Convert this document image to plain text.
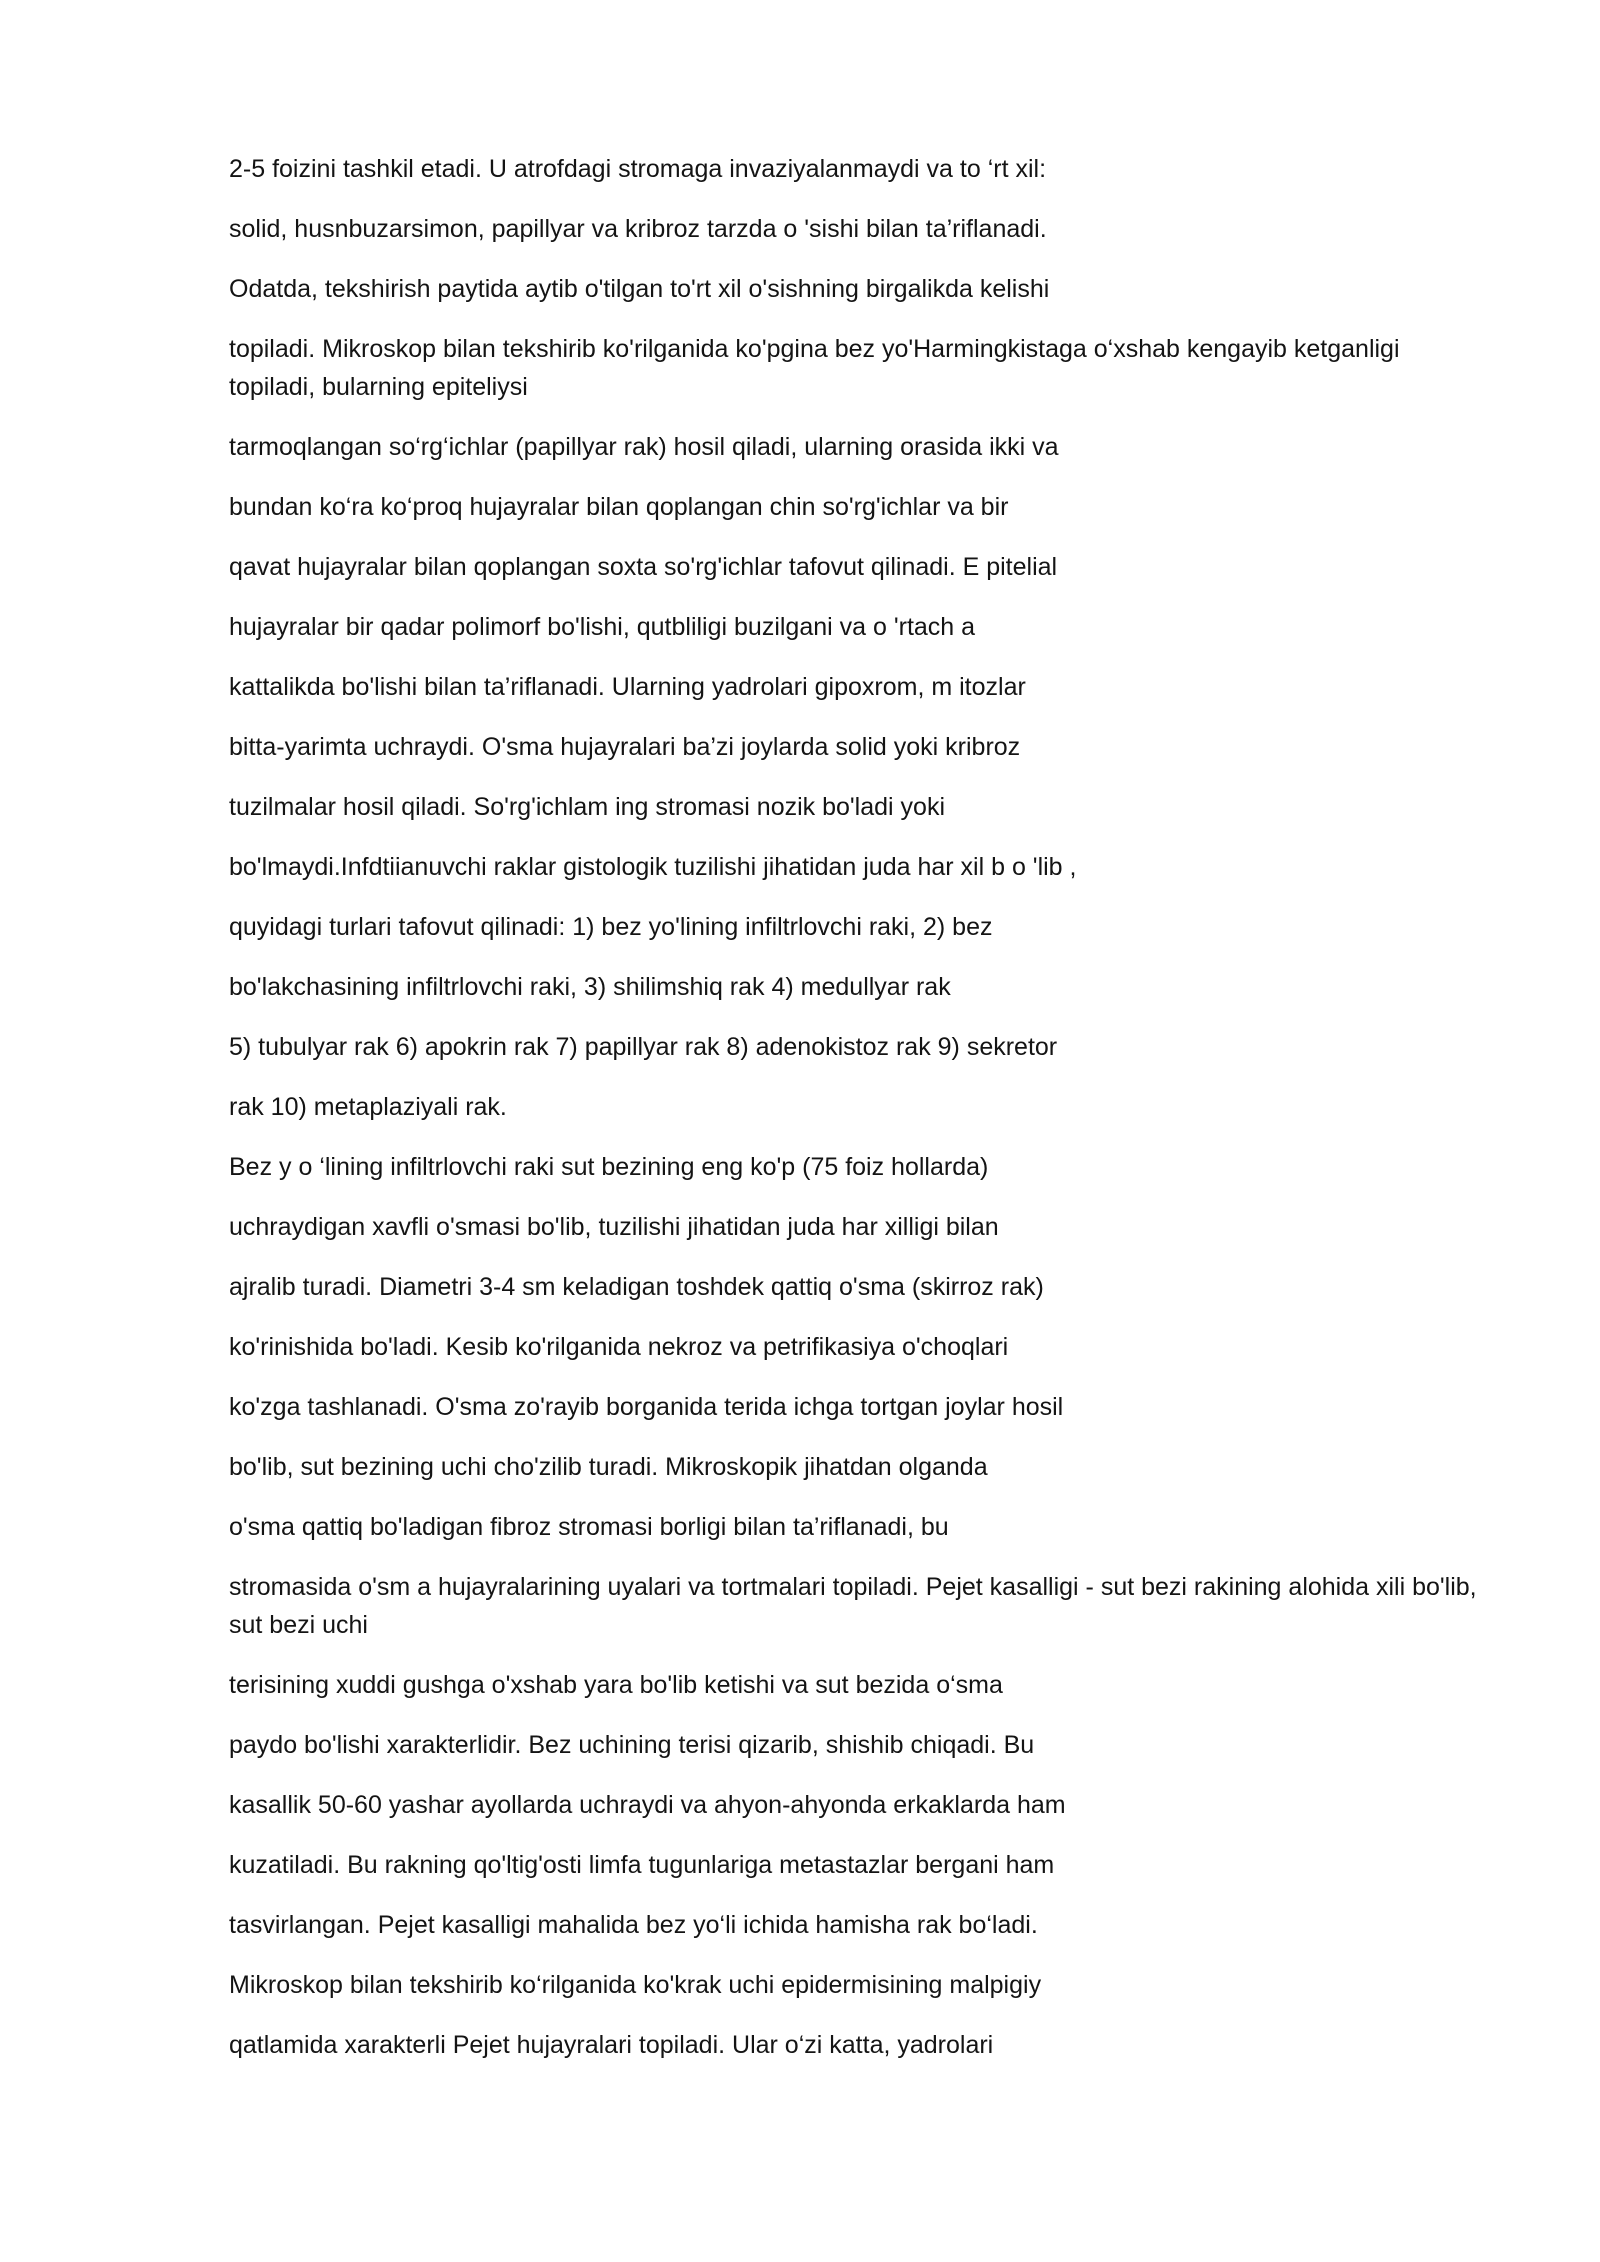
2-5 foizini tashkil etadi. U atrofdagi stromaga invaziyalanmaydi va to ‘rt xil:

solid, husnbuzarsimon, papillyar va kribroz tarzda o 'sishi bilan ta’riflanadi.

Odatda, tekshirish paytida aytib o'tilgan to'rt xil o'sishning birgalikda kelishi

topiladi. Mikroskop bilan tekshirib ko'rilganida ko'pgina bez yo'Harmingkistaga o‘xshab kengayib ketganligi topiladi, bularning epiteliysi

tarmoqlangan so‘rg‘ichlar (papillyar rak) hosil qiladi, ularning orasida ikki va

bundan ko‘ra ko‘proq hujayralar bilan qoplangan chin so'rg'ichlar va bir

qavat hujayralar bilan qoplangan soxta so'rg'ichlar tafovut qilinadi. E pitelial

hujayralar bir qadar polimorf bo'lishi, qutbliligi buzilgani va o 'rtach a

kattalikda bo'lishi bilan ta’riflanadi. Ularning yadrolari gipoxrom, m itozlar

bitta-yarimta uchraydi. O'sma hujayralari ba’zi joylarda solid yoki kribroz

tuzilmalar hosil qiladi. So'rg'ichlam ing stromasi nozik bo'ladi yoki

bo'lmaydi.Infdtiianuvchi raklar gistologik tuzilishi jihatidan juda har xil b o 'lib ,

quyidagi turlari tafovut qilinadi: 1) bez yo'lining infiltrlovchi raki, 2) bez

bo'lakchasining infiltrlovchi raki, 3) shilimshiq rak 4) medullyar rak

5) tubulyar rak 6) apokrin rak 7) papillyar rak 8) adenokistoz rak 9) sekretor

rak 10) metaplaziyali rak.

Bez y o ‘lining infiltrlovchi raki sut bezining eng ko'p (75 foiz hollarda)

uchraydigan xavfli o'smasi bo'lib, tuzilishi jihatidan juda har xilligi bilan

ajralib turadi. Diametri 3-4 sm keladigan toshdek qattiq o'sma (skirroz rak)

ko'rinishida bo'ladi. Kesib ko'rilganida nekroz va petrifikasiya o'choqlari

ko'zga tashlanadi. O'sma zo'rayib borganida terida ichga tortgan joylar hosil

bo'lib, sut bezining uchi cho'zilib turadi. Mikroskopik jihatdan olganda

o'sma qattiq bo'ladigan fibroz stromasi borligi bilan ta’riflanadi, bu

stromasida o'sm a hujayralarining uyalari va tortmalari topiladi. Pejet kasalligi - sut bezi rakining alohida xili bo'lib, sut bezi uchi

terisining xuddi gushga o'xshab yara bo'lib ketishi va sut bezida o‘sma

paydo bo'lishi xarakterlidir. Bez uchining terisi qizarib, shishib chiqadi. Bu

kasallik 50-60 yashar ayollarda uchraydi va ahyon-ahyonda erkaklarda ham

kuzatiladi. Bu rakning qo'ltig'osti limfa tugunlariga metastazlar bergani ham

tasvirlangan. Pejet kasalligi mahalida bez yo‘li ichida hamisha rak bo‘ladi.

Mikroskop bilan tekshirib ko‘rilganida ko'krak uchi epidermisining malpigiy

qatlamida xarakterli Pejet hujayralari topiladi. Ular o‘zi katta, yadrolari
